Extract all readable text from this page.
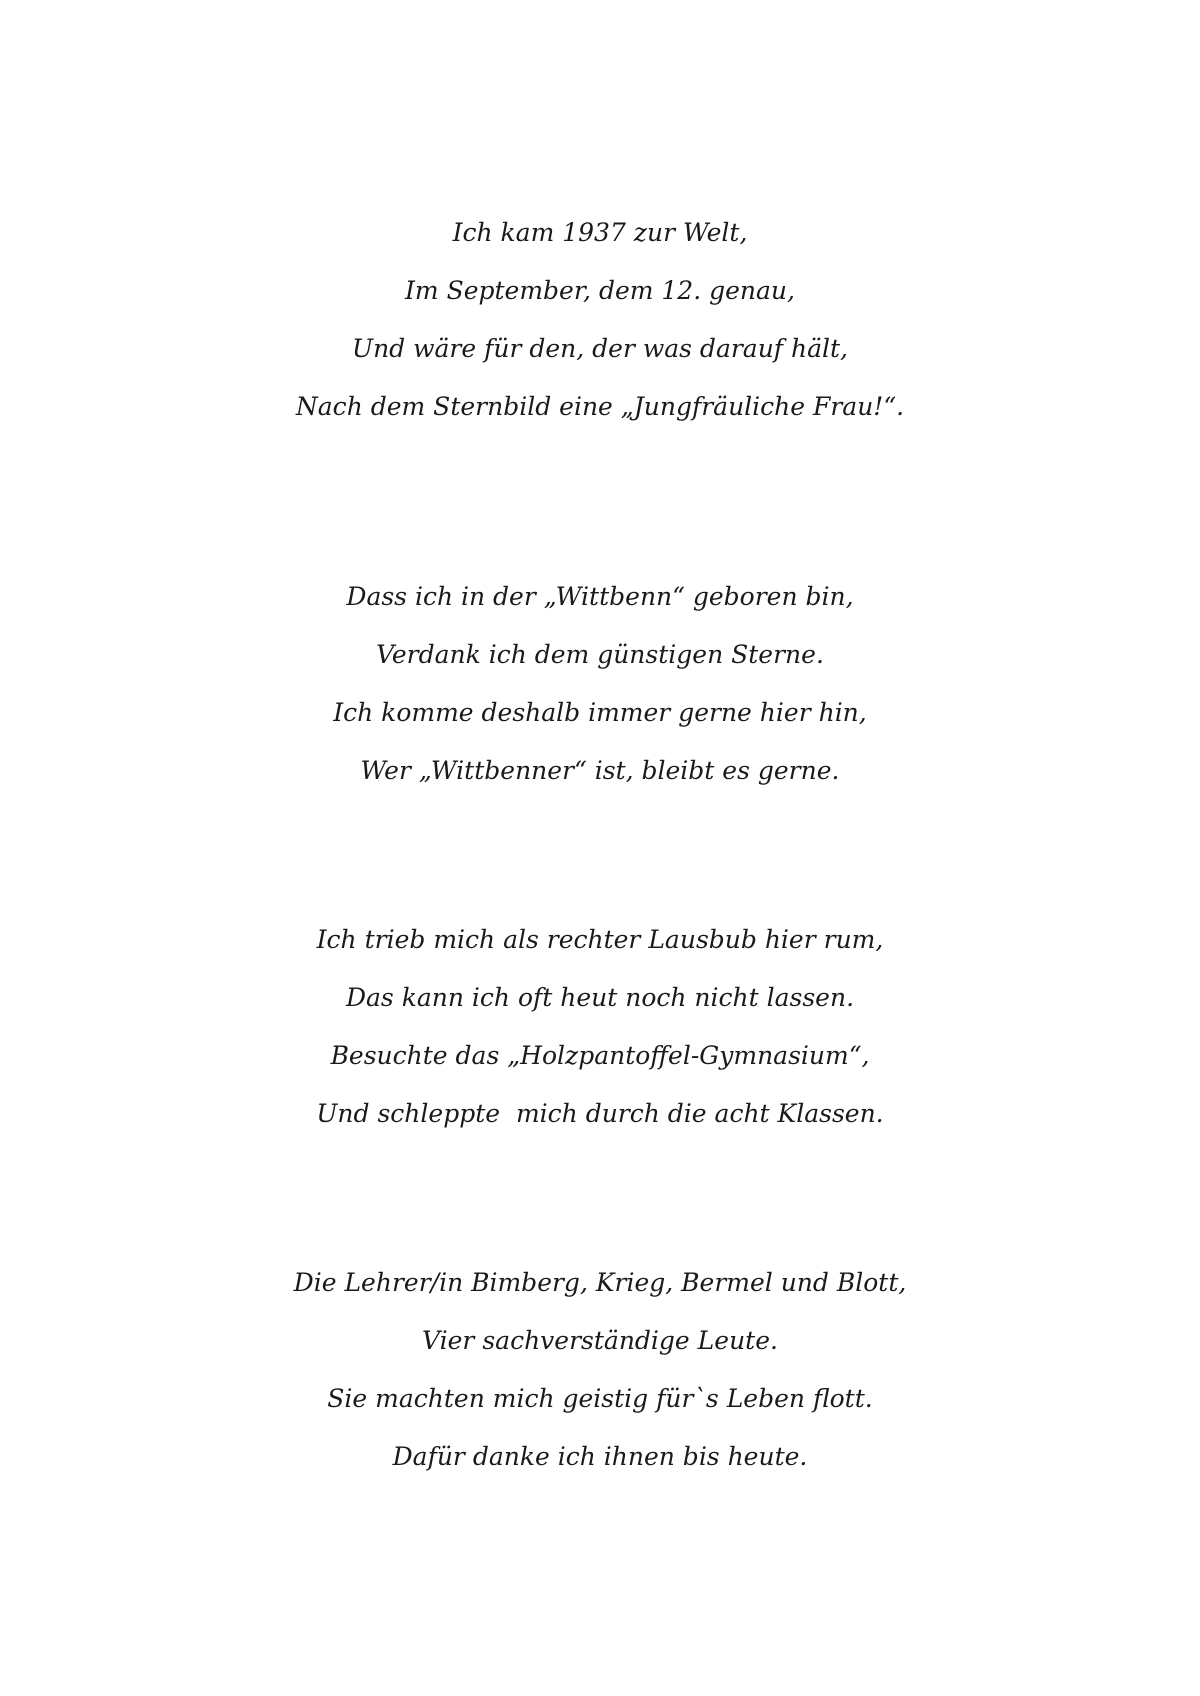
Ich kam 1937 zur Welt,
Im September, dem 12. genau,
Und wäre für den, der was darauf hält,
Nach dem Sternbild eine „Jungfräuliche Frau!“.
Dass ich in der „Wittbenn“ geboren bin,
Verdank ich dem günstigen Sterne.
Ich komme deshalb immer gerne hier hin,
Wer „Wittbenner“ ist, bleibt es gerne.
Ich trieb mich als rechter Lausbub hier rum,
Das kann ich oft heut noch nicht lassen.
Besuchte das „Holzpantoffel-Gymnasium“,
Und schleppte  mich durch die acht Klassen.
Die Lehrer/in Bimberg, Krieg, Bermel und Blott,
Vier sachverständige Leute.
Sie machten mich geistig für`s Leben flott.
Dafür danke ich ihnen bis heute.
